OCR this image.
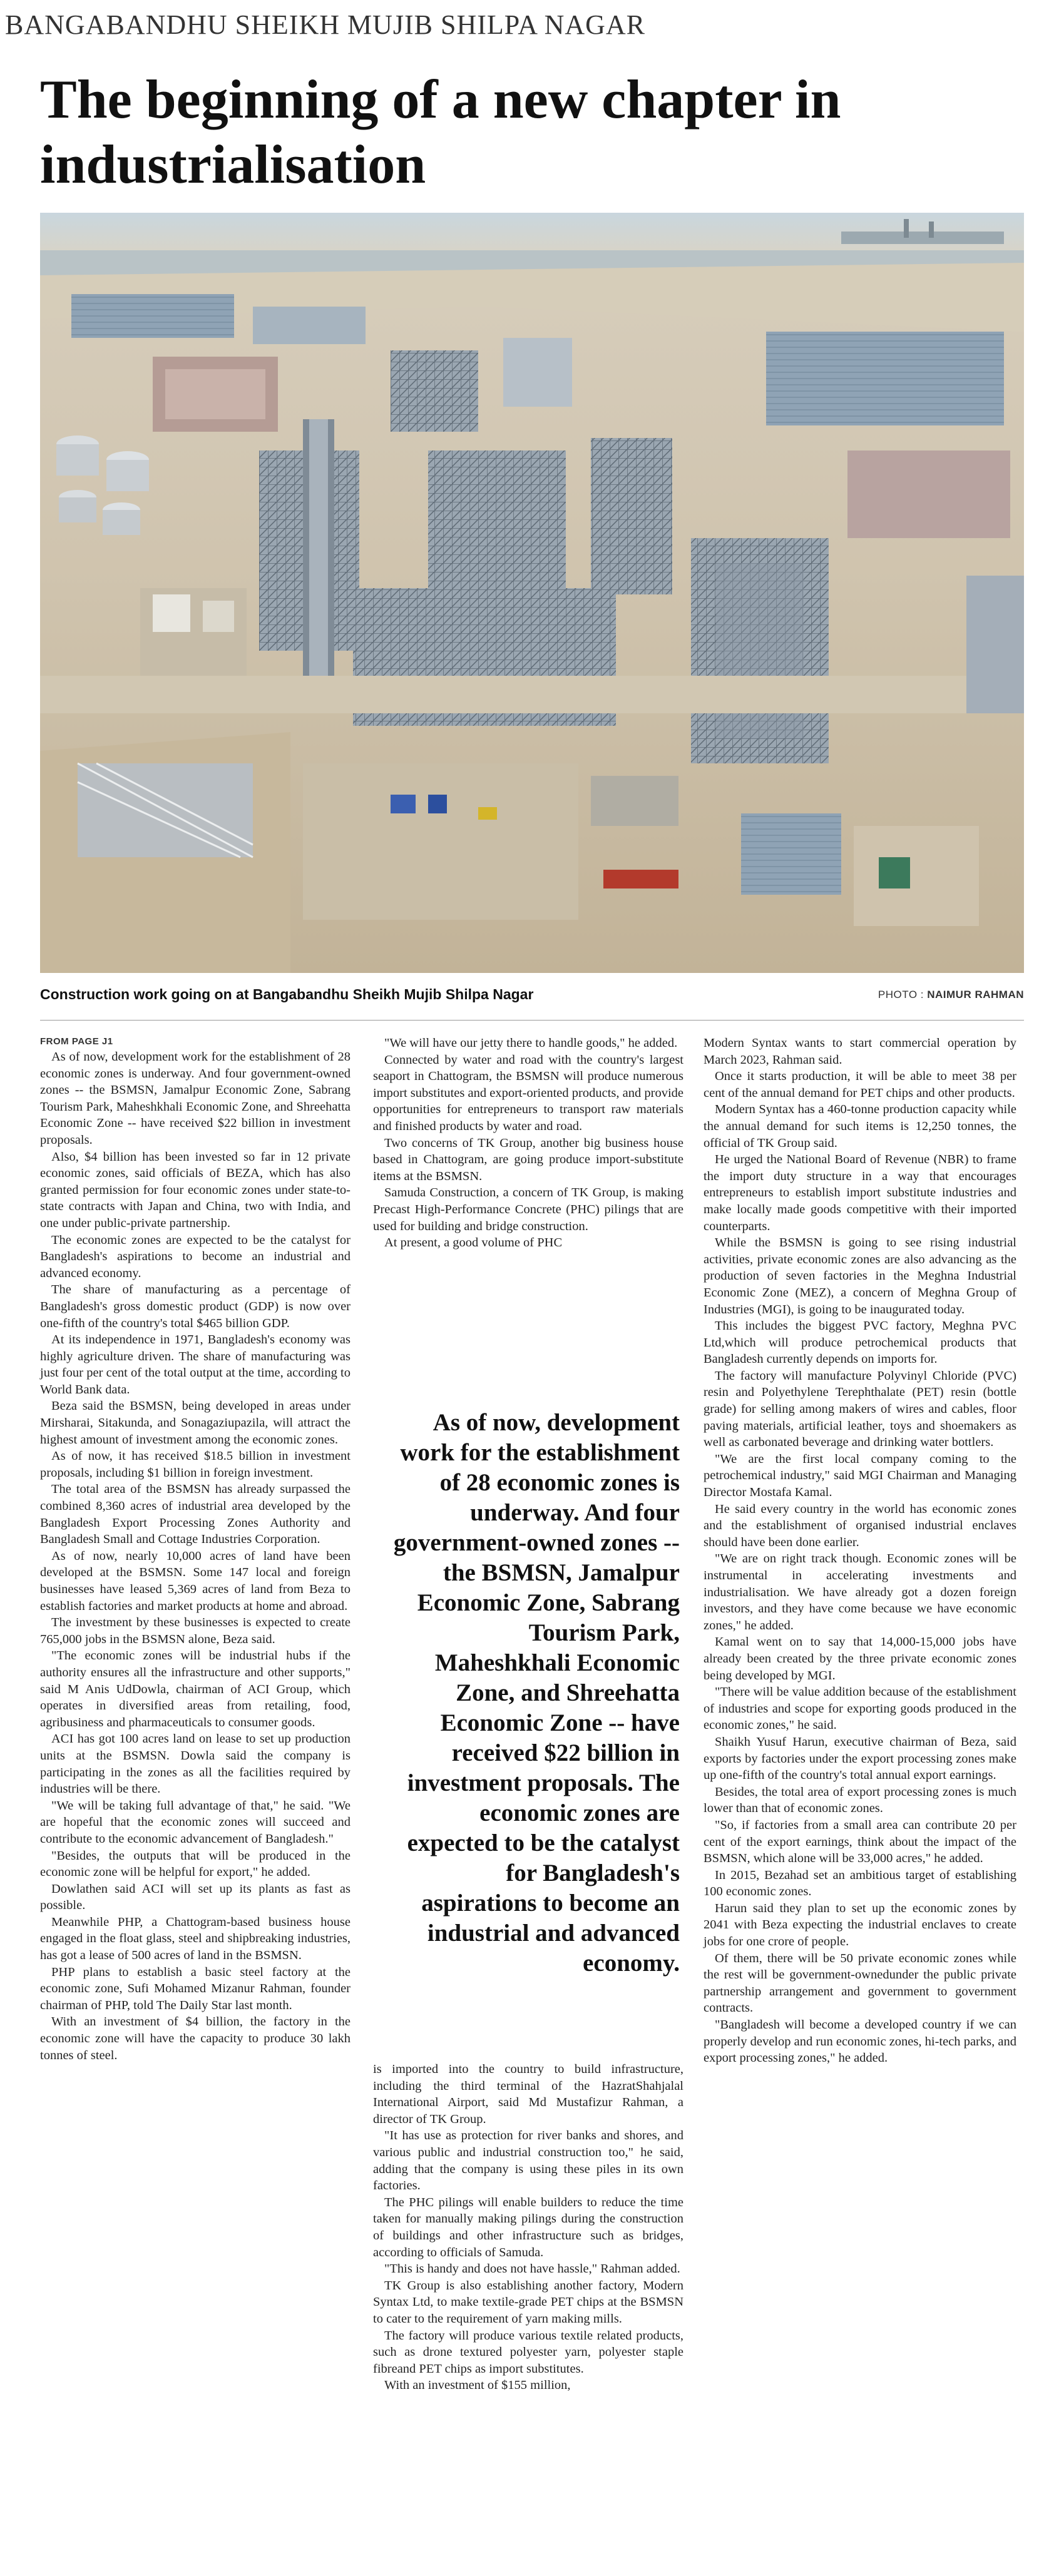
BANGABANDHU SHEIKH MUJIB SHILPA NAGAR
The beginning of a new chapter in industrialisation
Construction work going on at Bangabandhu Sheikh Mujib Shilpa Nagar	PHOTO : NAIMUR RAHMAN
FROM PAGE J1

As of now, development work for the establishment of 28 economic zones is underway. And four government-owned zones -- the BSMSN, Jamalpur Economic Zone, Sabrang Tourism Park, Maheshkhali Economic Zone, and Shreehatta Economic Zone -- have received $22 billion in investment proposals.

Also, $4 billion has been invested so far in 12 private economic zones, said officials of BEZA, which has also granted permission for four economic zones under state-to-state contracts with Japan and China, two with India, and one under public-private partnership.

The economic zones are expected to be the catalyst for Bangladesh's aspirations to become an industrial and advanced economy.

The share of manufacturing as a percentage of Bangladesh's gross domestic product (GDP) is now over one-fifth of the country's total $465 billion GDP.

At its independence in 1971, Bangladesh's economy was highly agriculture driven. The share of manufacturing was just four per cent of the total output at the time, according to World Bank data.

Beza said the BSMSN, being developed in areas under Mirsharai, Sitakunda, and Sonagaziupazila, will attract the highest amount of investment among the economic zones.

As of now, it has received $18.5 billion in investment proposals, including $1 billion in foreign investment.

The total area of the BSMSN has already surpassed the combined 8,360 acres of industrial area developed by the Bangladesh Export Processing Zones Authority and Bangladesh Small and Cottage Industries Corporation.

As of now, nearly 10,000 acres of land have been developed at the BSMSN. Some 147 local and foreign businesses have leased 5,369 acres of land from Beza to establish factories and market products at home and abroad.

The investment by these businesses is expected to create 765,000 jobs in the BSMSN alone, Beza said.

"The economic zones will be industrial hubs if the authority ensures all the infrastructure and other supports," said M Anis UdDowla, chairman of ACI Group, which operates in diversified areas from retailing, food, agribusiness and pharmaceuticals to consumer goods.

ACI has got 100 acres land on lease to set up production units at the BSMSN. Dowla said the company is participating in the zones as all the facilities required by industries will be there.

"We will be taking full advantage of that," he said. "We are hopeful that the economic zones will succeed and contribute to the economic advancement of Bangladesh."

"Besides, the outputs that will be produced in the economic zone will be helpful for export," he added.

Dowlathen said ACI will set up its plants as fast as possible.

Meanwhile PHP, a Chattogram-based business house engaged in the float glass, steel and shipbreaking industries, has got a lease of 500 acres of land in the BSMSN.

PHP plans to establish a basic steel factory at the economic zone, Sufi Mohamed Mizanur Rahman, founder chairman of PHP, told The Daily Star last month.

With an investment of $4 billion, the factory in the economic zone will have the capacity to produce 30 lakh tonnes of steel.

"We will have our jetty there to handle goods," he added.

Connected by water and road with the country's largest seaport in Chattogram, the BSMSN will produce numerous import substitutes and export-oriented products, and provide opportunities for entrepreneurs to transport raw materials and finished products by water and road.

Two concerns of TK Group, another big business house based in Chattogram, are going produce import-substitute items at the BSMSN.

Samuda Construction, a concern of TK Group, is making Precast High-Performance Concrete (PHC) pilings that are used for building and bridge construction.

At present, a good volume of PHC

As of now, development work for the establishment of 28 economic zones is underway. And four government-owned zones -- the BSMSN, Jamalpur Economic Zone, Sabrang Tourism Park, Maheshkhali Economic Zone, and Shreehatta Economic Zone -- have received $22 billion in investment proposals. The economic zones are expected to be the catalyst for Bangladesh's aspirations to become an industrial and advanced economy.

is imported into the country to build infrastructure, including the third terminal of the HazratShahjalal International Airport, said Md Mustafizur Rahman, a director of TK Group.

"It has use as protection for river banks and shores, and various public and industrial construction too," he said, adding that the company is using these piles in its own factories.

The PHC pilings will enable builders to reduce the time taken for manually making pilings during the construction of buildings and other infrastructure such as bridges, according to officials of Samuda.

"This is handy and does not have hassle," Rahman added.

TK Group is also establishing another factory, Modern Syntax Ltd, to make textile-grade PET chips at the BSMSN to cater to the requirement of yarn making mills.

The factory will produce various textile related products, such as drone textured polyester yarn, polyester staple fibreand PET chips as import substitutes.

With an investment of $155 million,

Modern Syntax wants to start commercial operation by March 2023, Rahman said.

Once it starts production, it will be able to meet 38 per cent of the annual demand for PET chips and other products.

Modern Syntax has a 460-tonne production capacity while the annual demand for such items is 12,250 tonnes, the official of TK Group said.

He urged the National Board of Revenue (NBR) to frame the import duty structure in a way that encourages entrepreneurs to establish import substitute industries and make locally made goods competitive with their imported counterparts.

While the BSMSN is going to see rising industrial activities, private economic zones are also advancing as the production of seven factories in the Meghna Industrial Economic Zone (MEZ), a concern of Meghna Group of Industries (MGI), is going to be inaugurated today.

This includes the biggest PVC factory, Meghna PVC Ltd,which will produce petrochemical products that Bangladesh currently depends on imports for.

The factory will manufacture Polyvinyl Chloride (PVC) resin and Polyethylene Terephthalate (PET) resin (bottle grade) for selling among makers of wires and cables, floor paving materials, artificial leather, toys and shoemakers as well as carbonated beverage and drinking water bottlers.

"We are the first local company coming to the petrochemical industry," said MGI Chairman and Managing Director Mostafa Kamal.

He said every country in the world has economic zones and the establishment of organised industrial enclaves should have been done earlier.

"We are on right track though. Economic zones will be instrumental in accelerating investments and industrialisation. We have already got a dozen foreign investors, and they have come because we have economic zones," he added.

Kamal went on to say that 14,000-15,000 jobs have already been created by the three private economic zones being developed by MGI.

"There will be value addition because of the establishment of industries and scope for exporting goods produced in the economic zones," he said.

Shaikh Yusuf Harun, executive chairman of Beza, said exports by factories under the export processing zones make up one-fifth of the country's total annual export earnings.

Besides, the total area of export processing zones is much lower than that of economic zones.

"So, if factories from a small area can contribute 20 per cent of the export earnings, think about the impact of the BSMSN, which alone will be 33,000 acres," he added.

In 2015, Bezahad set an ambitious target of establishing 100 economic zones.

Harun said they plan to set up the economic zones by 2041 with Beza expecting the industrial enclaves to create jobs for one crore of people.

Of them, there will be 50 private economic zones while the rest will be government-ownedunder the public private partnership arrangement and government to government contracts.

"Bangladesh will become a developed country if we can properly develop and run economic zones, hi-tech parks, and export processing zones," he added.
